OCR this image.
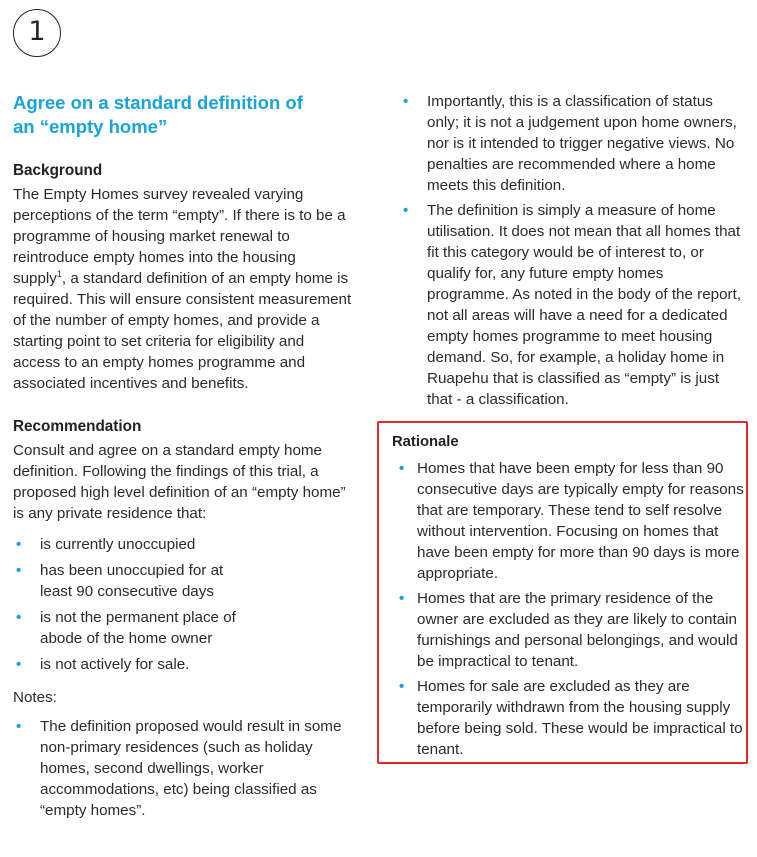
1
Agree on a standard definition of an “empty home”
Background

The Empty Homes survey revealed varying perceptions of the term “empty”. If there is to be a programme of housing market renewal to reintroduce empty homes into the housing supply$^1$, a standard definition of an empty home is required. This will ensure consistent measurement of the number of empty homes, and provide a starting point to set criteria for eligibility and access to an empty homes programme and associated incentives and benefits.

Recommendation

Consult and agree on a standard empty home definition. Following the findings of this trial, a proposed high level definition of an “empty home” is any private residence that:

• is currently unoccupied
• has been unoccupied for at least 90 consecutive days
• is not the permanent place of abode of the home owner
• is not actively for sale.

Notes:

• The definition proposed would result in some non-primary residences (such as holiday homes, second dwellings, worker accommodations, etc) being classified as “empty homes”.
• Importantly, this is a classification of status only; it is not a judgement upon home owners, nor is it intended to trigger negative views. No penalties are recommended where a home meets this definition.
• The definition is simply a measure of home utilisation. It does not mean that all homes that fit this category would be of interest to, or qualify for, any future empty homes programme. As noted in the body of the report, not all areas will have a need for a dedicated empty homes programme to meet housing demand. So, for example, a holiday home in Ruapehu that is classified as “empty” is just that - a classification.
Rationale
• Homes that have been empty for less than 90 consecutive days are typically empty for reasons that are temporary. These tend to self resolve without intervention. Focusing on homes that have been empty for more than 90 days is more appropriate.
• Homes that are the primary residence of the owner are excluded as they are likely to contain furnishings and personal belongings, and would be impractical to tenant.
• Homes for sale are excluded as they are temporarily withdrawn from the housing supply before being sold. These would be impractical to tenant.
